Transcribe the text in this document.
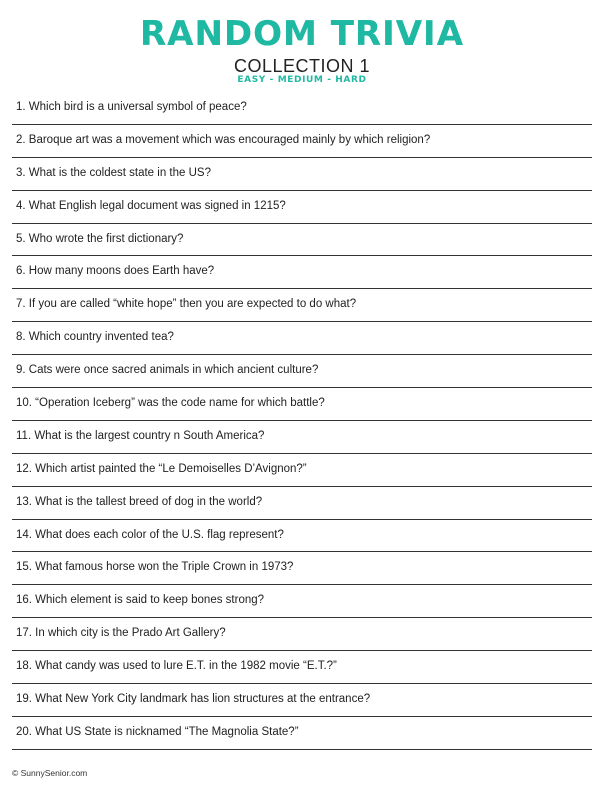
RANDOM TRIVIA
COLLECTION 1
EASY - MEDIUM - HARD
1. Which bird is a universal symbol of peace?
2. Baroque art was a movement which was encouraged mainly by which religion?
3. What is the coldest state in the US?
4. What English legal document was signed in 1215?
5. Who wrote the first dictionary?
6. How many moons does Earth have?
7. If you are called “white hope” then you are expected to do what?
8. Which country invented tea?
9. Cats were once sacred animals in which ancient culture?
10. “Operation Iceberg” was the code name for which battle?
11. What is the largest country n South America?
12. Which artist painted the “Le Demoiselles D’Avignon?”
13. What is the tallest breed of dog in the world?
14. What does each color of the U.S. flag represent?
15. What famous horse won the Triple Crown in 1973?
16. Which element is said to keep bones strong?
17. In which city is the Prado Art Gallery?
18. What candy was used to lure E.T. in the 1982 movie “E.T.?”
19. What New York City landmark has lion structures at the entrance?
20. What US State is nicknamed “The Magnolia State?”
© SunnySenior.com
